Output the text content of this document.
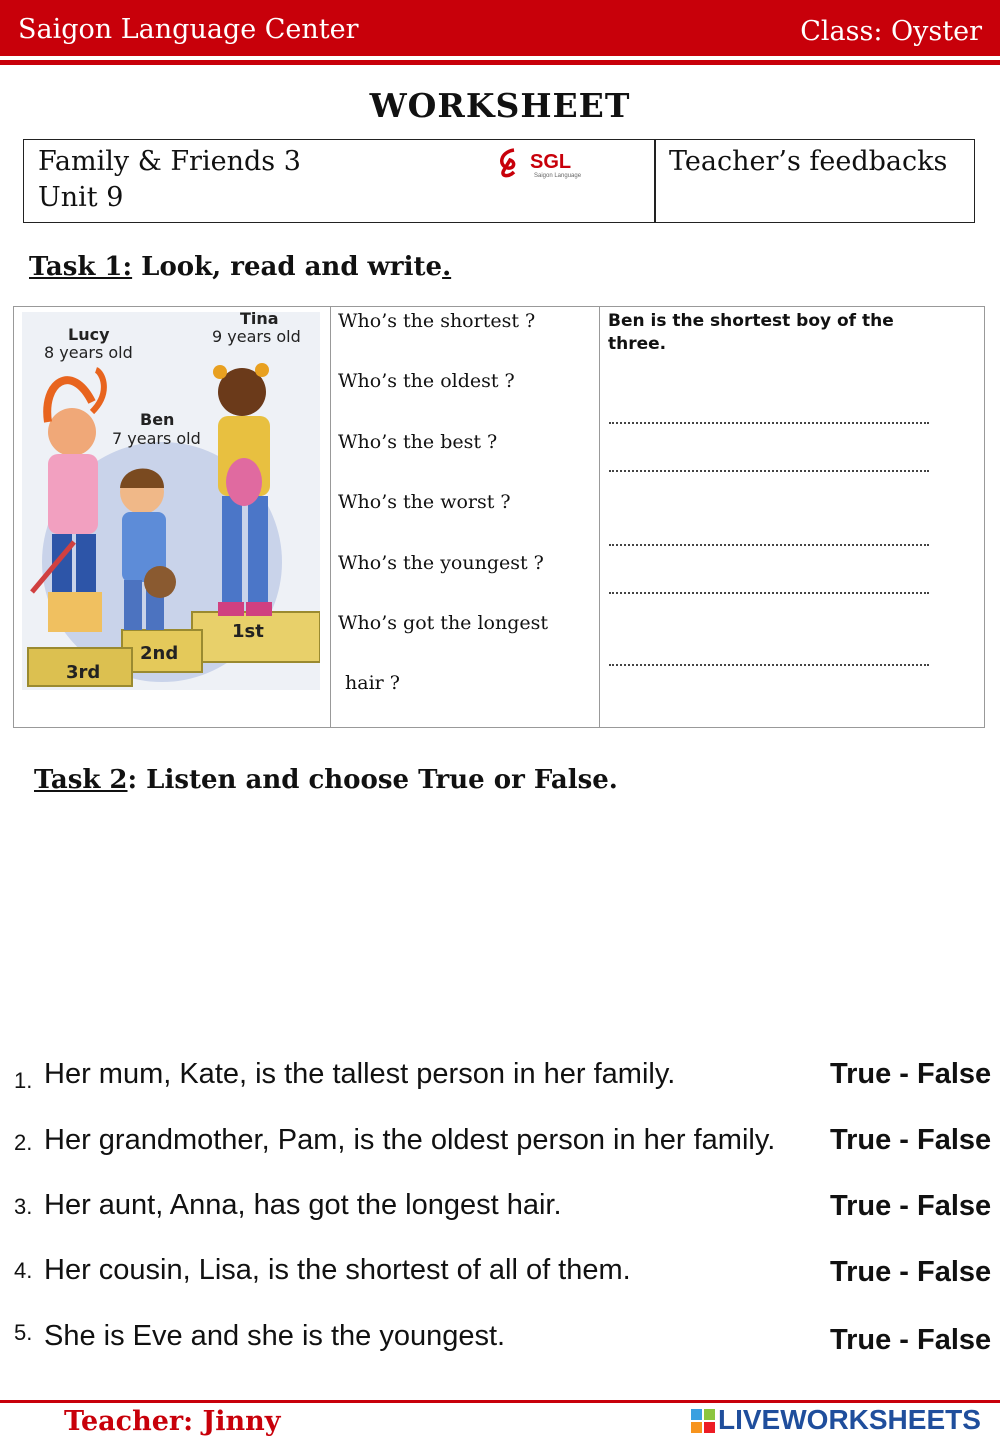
Saigon Language Center	Class: Oyster
WORKSHEET
Family & Friends 3
Unit 9
Teacher’s feedbacks
SGL
Saigon Language
Task 1: Look, read and write.
1st
2nd
3rd
Lucy
8 years old
Tina
9 years old
Ben
7 years old
Who’s the shortest ?
Who’s the oldest ?
Who’s the best ?
Who’s the worst ?
Who’s the youngest ?
Who’s got the longest
hair ?
Ben is the shortest boy of the three.
Task 2: Listen and choose True or False.
1. Her mum, Kate, is the tallest person in her family.	True - False
2. Her grandmother, Pam, is the oldest person in her family. True - False
3. Her aunt, Anna, has got the longest hair.	True - False
4. Her cousin, Lisa, is the shortest of all of them.	True - False
5. She is Eve and she is the youngest.	True - False
Teacher: Jinny	LIVEWORKSHEETS
